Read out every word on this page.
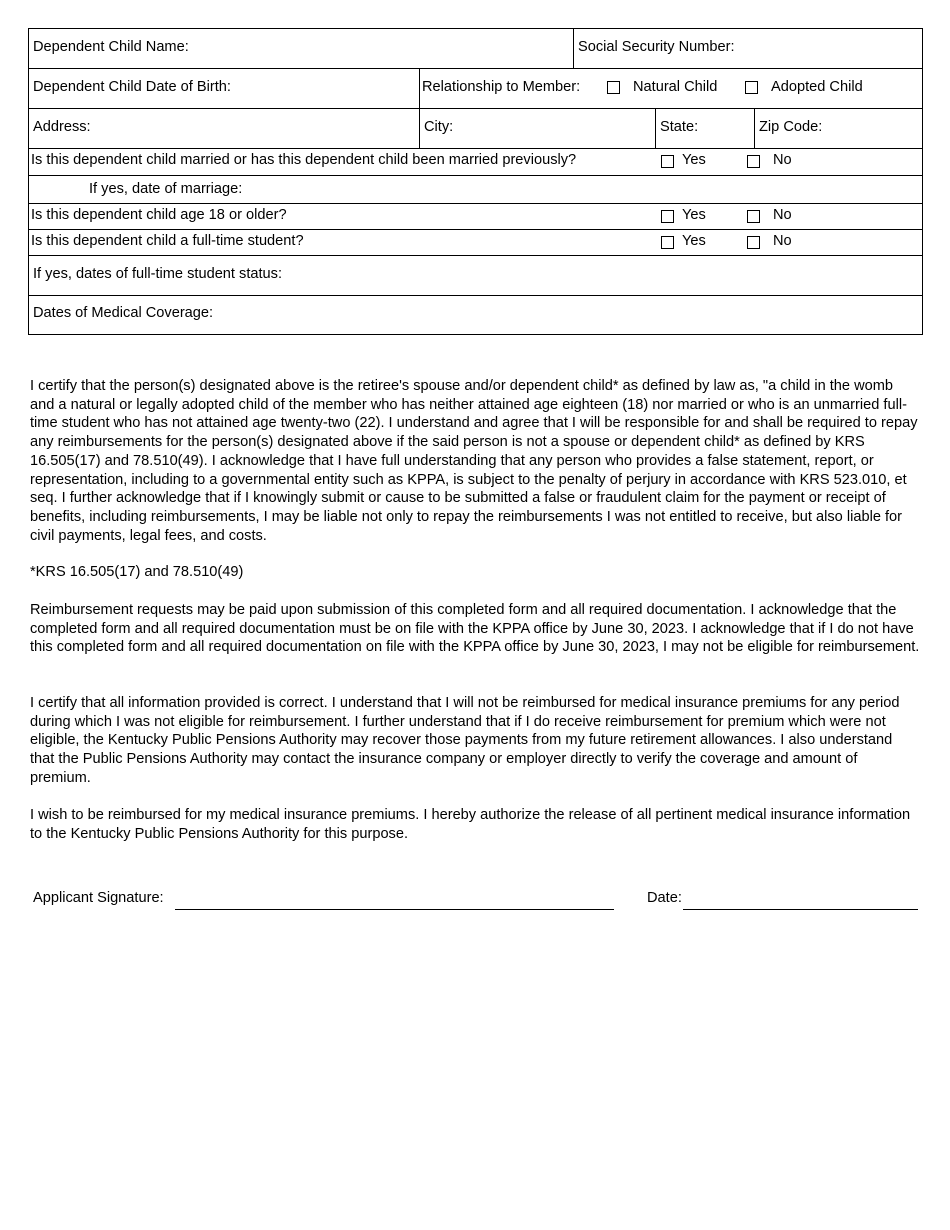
Dependent Child Name:	Social Security Number:
Dependent Child Date of Birth:	Relationship to Member:	Natural Child	Adopted Child
Address:	City:	State:	Zip Code:
Is this dependent child married or has this dependent child been married previously?	Yes	No
If yes, date of marriage:
Is this dependent child age 18 or older?	Yes	No
Is this dependent child a full-time student?	Yes	No
If yes, dates of full-time student status:
Dates of Medical Coverage:

I certify that the person(s) designated above is the retiree's spouse and/or dependent child* as defined by law as, "a child in the womb and a natural or legally adopted child of the member who has neither attained age eighteen (18) nor married or who is an unmarried full-time student who has not attained age twenty-two (22). I understand and agree that I will be responsible for and shall be required to repay any reimbursements for the person(s) designated above if the said person is not a spouse or dependent child* as defined by KRS 16.505(17) and 78.510(49). I acknowledge that I have full understanding that any person who provides a false statement, report, or representation, including to a governmental entity such as KPPA, is subject to the penalty of perjury in accordance with KRS 523.010, et seq. I further acknowledge that if I knowingly submit or cause to be submitted a false or fraudulent claim for the payment or receipt of benefits, including reimbursements, I may be liable not only to repay the reimbursements I was not entitled to receive, but also liable for civil payments, legal fees, and costs.

*KRS 16.505(17) and 78.510(49)

Reimbursement requests may be paid upon submission of this completed form and all required documentation. I acknowledge that the completed form and all required documentation must be on file with the KPPA office by June 30, 2023. I acknowledge that if I do not have this completed form and all required documentation on file with the KPPA office by June 30, 2023, I may not be eligible for reimbursement.

I certify that all information provided is correct. I understand that I will not be reimbursed for medical insurance premiums for any period during which I was not eligible for reimbursement. I further understand that if I do receive reimbursement for premium which were not eligible, the Kentucky Public Pensions Authority may recover those payments from my future retirement allowances. I also understand that the Public Pensions Authority may contact the insurance company or employer directly to verify the coverage and amount of premium.

I wish to be reimbursed for my medical insurance premiums. I hereby authorize the release of all pertinent medical insurance information to the Kentucky Public Pensions Authority for this purpose.

Applicant Signature:	Date:
